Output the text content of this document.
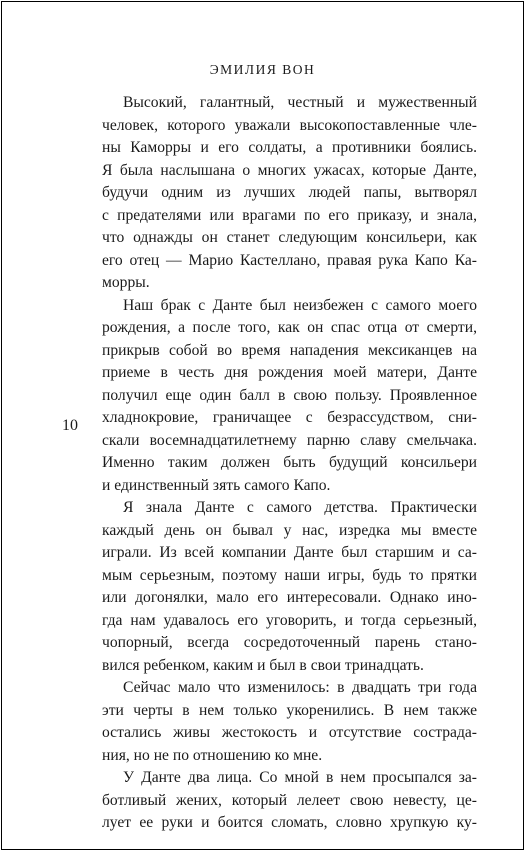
ЭМИЛИЯ ВОН
10
Высокий, галантный, честный и мужественный
человек, которого уважали высокопоставленные чле-
ны Каморры и его солдаты, а противники боялись.
Я была наслышана о многих ужасах, которые Данте,
будучи одним из лучших людей папы, вытворял
с предателями или врагами по его приказу, и знала,
что однажды он станет следующим консильери, как
его отец — Марио Кастеллано, правая рука Капо Ка-
морры.
Наш брак с Данте был неизбежен с самого моего
рождения, а после того, как он спас отца от смерти,
прикрыв собой во время нападения мексиканцев на
приеме в честь дня рождения моей матери, Данте
получил еще один балл в свою пользу. Проявленное
хладнокровие, граничащее с безрассудством, сни-
скали восемнадцатилетнему парню славу смельчака.
Именно таким должен быть будущий консильери
и единственный зять самого Капо.
Я знала Данте с самого детства. Практически
каждый день он бывал у нас, изредка мы вместе
играли. Из всей компании Данте был старшим и са-
мым серьезным, поэтому наши игры, будь то прятки
или догонялки, мало его интересовали. Однако ино-
гда нам удавалось его уговорить, и тогда серьезный,
чопорный, всегда сосредоточенный парень стано-
вился ребенком, каким и был в свои тринадцать.
Сейчас мало что изменилось: в двадцать три года
эти черты в нем только укоренились. В нем также
остались живы жестокость и отсутствие сострада-
ния, но не по отношению ко мне.
У Данте два лица. Со мной в нем просыпался за-
ботливый жених, который лелеет свою невесту, це-
лует ее руки и боится сломать, словно хрупкую ку-
